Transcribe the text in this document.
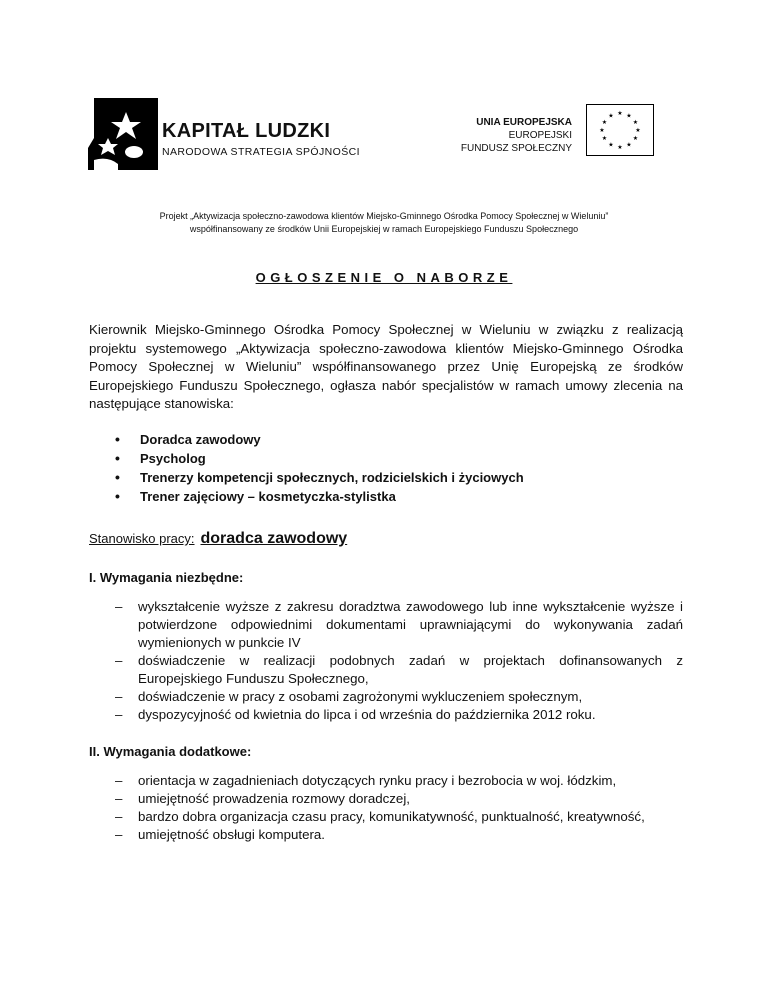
KAPITAŁ LUDZKI
NARODOWA STRATEGIA SPÓJNOŚCI
UNIA EUROPEJSKA
EUROPEJSKI
FUNDUSZ SPOŁECZNY
★ ★
★
★
★
★
★
★
★
★
★
★
Projekt „Aktywizacja społeczno-zawodowa klientów Miejsko-Gminnego Ośrodka Pomocy Społecznej w Wieluniu”
współfinansowany ze środków Unii Europejskiej w ramach Europejskiego Funduszu Społecznego
OGŁOSZENIE O NABORZE
Kierownik Miejsko-Gminnego Ośrodka Pomocy Społecznej w Wieluniu w związku z realizacją projektu systemowego „Aktywizacja społeczno-zawodowa klientów Miejsko-Gminnego Ośrodka Pomocy Społecznej w Wieluniu” współfinansowanego przez Unię Europejską ze środków Europejskiego Funduszu Społecznego, ogłasza nabór specjalistów w ramach umowy zlecenia na następujące stanowiska:
• Doradca zawodowy
• Psycholog
• Trenerzy kompetencji społecznych, rodzicielskich i życiowych
• Trener zajęciowy – kosmetyczka-stylistka
Stanowisko pracy: doradca zawodowy
I. Wymagania niezbędne:
– wykształcenie wyższe z zakresu doradztwa zawodowego lub inne wykształcenie wyższe i potwierdzone odpowiednimi dokumentami uprawniającymi do wykonywania zadań wymienionych w punkcie IV
– doświadczenie w realizacji podobnych zadań w projektach dofinansowanych z Europejskiego Funduszu Społecznego,
– doświadczenie w pracy z osobami zagrożonymi wykluczeniem społecznym,
– dyspozycyjność od kwietnia do lipca i od września do października 2012 roku.
II. Wymagania dodatkowe:
– orientacja w zagadnieniach dotyczących rynku pracy i bezrobocia w woj. łódzkim,
– umiejętność prowadzenia rozmowy doradczej,
– bardzo dobra organizacja czasu pracy, komunikatywność, punktualność, kreatywność,
– umiejętność obsługi komputera.
